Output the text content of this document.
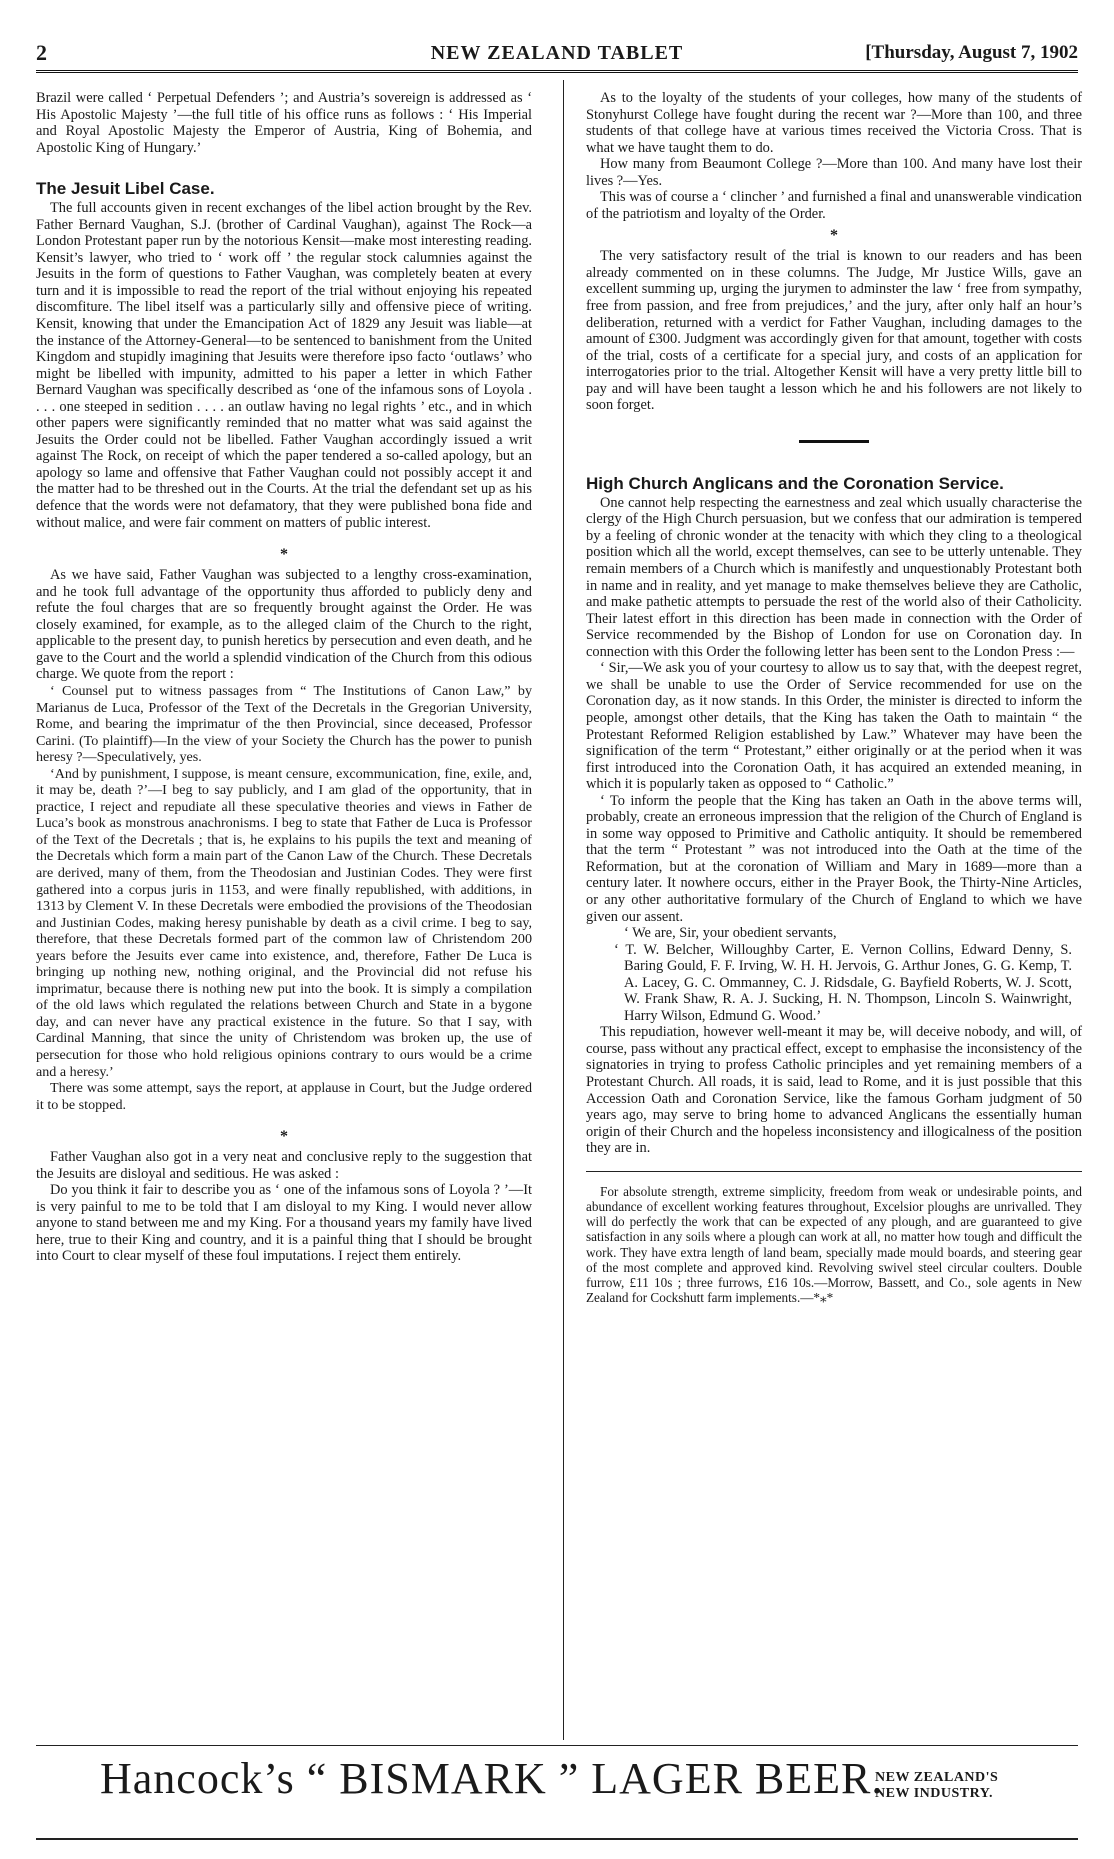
2	NEW ZEALAND TABLET	[Thursday, August 7, 1902

Brazil were called ‘ Perpetual Defenders ’; and Austria’s sovereign is addressed as ‘ His Apostolic Majesty ’—the full title of his office runs as follows : ‘ His Imperial and Royal Apostolic Majesty the Emperor of Austria, King of Bohemia, and Apostolic King of Hungary.’

The Jesuit Libel Case.

The full accounts given in recent exchanges of the libel action brought by the Rev. Father Bernard Vaughan, S.J. (brother of Cardinal Vaughan), against The Rock—a London Protestant paper run by the notorious Kensit—make most interesting reading. Kensit’s lawyer, who tried to ‘ work off ’ the regular stock calumnies against the Jesuits in the form of questions to Father Vaughan, was completely beaten at every turn and it is impossible to read the report of the trial without enjoying his repeated discomfiture. The libel itself was a particularly silly and offensive piece of writing. Kensit, knowing that under the Emancipation Act of 1829 any Jesuit was liable—at the instance of the Attorney-General—to be sentenced to banishment from the United Kingdom and stupidly imagining that Jesuits were therefore ipso facto ‘outlaws’ who might be libelled with impunity, admitted to his paper a letter in which Father Bernard Vaughan was specifically described as ‘one of the infamous sons of Loyola . . . . one steeped in sedition . . . . an outlaw having no legal rights ’ etc., and in which other papers were significantly reminded that no matter what was said against the Jesuits the Order could not be libelled. Father Vaughan accordingly issued a writ against The Rock, on receipt of which the paper tendered a so-called apology, but an apology so lame and offensive that Father Vaughan could not possibly accept it and the matter had to be threshed out in the Courts. At the trial the defendant set up as his defence that the words were not defamatory, that they were published bona fide and without malice, and were fair comment on matters of public interest.

*

As we have said, Father Vaughan was subjected to a lengthy cross-examination, and he took full advantage of the opportunity thus afforded to publicly deny and refute the foul charges that are so frequently brought against the Order. He was closely examined, for example, as to the alleged claim of the Church to the right, applicable to the present day, to punish heretics by persecution and even death, and he gave to the Court and the world a splendid vindication of the Church from this odious charge. We quote from the report :

‘ Counsel put to witness passages from “ The Institutions of Canon Law,” by Marianus de Luca, Professor of the Text of the Decretals in the Gregorian University, Rome, and bearing the imprimatur of the then Provincial, since deceased, Professor Carini. (To plaintiff)—In the view of your Society the Church has the power to punish heresy ?—Speculatively, yes.

‘And by punishment, I suppose, is meant censure, excommunication, fine, exile, and, it may be, death ?’—I beg to say publicly, and I am glad of the opportunity, that in practice, I reject and repudiate all these speculative theories and views in Father de Luca’s book as monstrous anachronisms. I beg to state that Father de Luca is Professor of the Text of the Decretals ; that is, he explains to his pupils the text and meaning of the Decretals which form a main part of the Canon Law of the Church. These Decretals are derived, many of them, from the Theodosian and Justinian Codes. They were first gathered into a corpus juris in 1153, and were finally republished, with additions, in 1313 by Clement V. In these Decretals were embodied the provisions of the Theodosian and Justinian Codes, making heresy punishable by death as a civil crime. I beg to say, therefore, that these Decretals formed part of the common law of Christendom 200 years before the Jesuits ever came into existence, and, therefore, Father De Luca is bringing up nothing new, nothing original, and the Provincial did not refuse his imprimatur, because there is nothing new put into the book. It is simply a compilation of the old laws which regulated the relations between Church and State in a bygone day, and can never have any practical existence in the future. So that I say, with Cardinal Manning, that since the unity of Christendom was broken up, the use of persecution for those who hold religious opinions contrary to ours would be a crime and a heresy.’

There was some attempt, says the report, at applause in Court, but the Judge ordered it to be stopped.

*

Father Vaughan also got in a very neat and conclusive reply to the suggestion that the Jesuits are disloyal and seditious. He was asked :

Do you think it fair to describe you as ‘ one of the infamous sons of Loyola ? ’—It is very painful to me to be told that I am disloyal to my King. I would never allow anyone to stand between me and my King. For a thousand years my family have lived here, true to their King and country, and it is a painful thing that I should be brought into Court to clear myself of these foul imputations. I reject them entirely.

As to the loyalty of the students of your colleges, how many of the students of Stonyhurst College have fought during the recent war ?—More than 100, and three students of that college have at various times received the Victoria Cross. That is what we have taught them to do.

How many from Beaumont College ?—More than 100. And many have lost their lives ?—Yes.

This was of course a ‘ clincher ’ and furnished a final and unanswerable vindication of the patriotism and loyalty of the Order.

*

The very satisfactory result of the trial is known to our readers and has been already commented on in these columns. The Judge, Mr Justice Wills, gave an excellent summing up, urging the jurymen to adminster the law ‘ free from sympathy, free from passion, and free from prejudices,’ and the jury, after only half an hour’s deliberation, returned with a verdict for Father Vaughan, including damages to the amount of £300. Judgment was accordingly given for that amount, together with costs of the trial, costs of a certificate for a special jury, and costs of an application for interrogatories prior to the trial. Altogether Kensit will have a very pretty little bill to pay and will have been taught a lesson which he and his followers are not likely to soon forget.

High Church Anglicans and the Coronation Service.

One cannot help respecting the earnestness and zeal which usually characterise the clergy of the High Church persuasion, but we confess that our admiration is tempered by a feeling of chronic wonder at the tenacity with which they cling to a theological position which all the world, except themselves, can see to be utterly untenable. They remain members of a Church which is manifestly and unquestionably Protestant both in name and in reality, and yet manage to make themselves believe they are Catholic, and make pathetic attempts to persuade the rest of the world also of their Catholicity. Their latest effort in this direction has been made in connection with the Order of Service recommended by the Bishop of London for use on Coronation day. In connection with this Order the following letter has been sent to the London Press :—

‘ Sir,—We ask you of your courtesy to allow us to say that, with the deepest regret, we shall be unable to use the Order of Service recommended for use on the Coronation day, as it now stands. In this Order, the minister is directed to inform the people, amongst other details, that the King has taken the Oath to maintain “ the Protestant Reformed Religion established by Law.” Whatever may have been the signification of the term “ Protestant,” either originally or at the period when it was first introduced into the Coronation Oath, it has acquired an extended meaning, in which it is popularly taken as opposed to “ Catholic.”

‘ To inform the people that the King has taken an Oath in the above terms will, probably, create an erroneous impression that the religion of the Church of England is in some way opposed to Primitive and Catholic antiquity. It should be remembered that the term “ Protestant ” was not introduced into the Oath at the time of the Reformation, but at the coronation of William and Mary in 1689—more than a century later. It nowhere occurs, either in the Prayer Book, the Thirty-Nine Articles, or any other authoritative formulary of the Church of England to which we have given our assent.

‘ We are, Sir, your obedient servants,

‘ T. W. Belcher, Willoughby Carter, E. Vernon Collins, Edward Denny, S. Baring Gould, F. F. Irving, W. H. H. Jervois, G. Arthur Jones, G. G. Kemp, T. A. Lacey, G. C. Ommanney, C. J. Ridsdale, G. Bayfield Roberts, W. J. Scott, W. Frank Shaw, R. A. J. Sucking, H. N. Thompson, Lincoln S. Wainwright, Harry Wilson, Edmund G. Wood.’

This repudiation, however well-meant it may be, will deceive nobody, and will, of course, pass without any practical effect, except to emphasise the inconsistency of the signatories in trying to profess Catholic principles and yet remaining members of a Protestant Church. All roads, it is said, lead to Rome, and it is just possible that this Accession Oath and Coronation Service, like the famous Gorham judgment of 50 years ago, may serve to bring home to advanced Anglicans the essentially human origin of their Church and the hopeless inconsistency and illogicalness of the position they are in.

For absolute strength, extreme simplicity, freedom from weak or undesirable points, and abundance of excellent working features throughout, Excelsior ploughs are unrivalled. They will do perfectly the work that can be expected of any plough, and are guaranteed to give satisfaction in any soils where a plough can work at all, no matter how tough and difficult the work. They have extra length of land beam, specially made mould boards, and steering gear of the most complete and approved kind. Revolving swivel steel circular coulters. Double furrow, £11 10s ; three furrows, £16 10s.—Morrow, Bassett, and Co., sole agents in New Zealand for Cockshutt farm implements.—*⁎*

Hancock’s “ BISMARK ” LAGER BEER.
NEW ZEALAND'S
NEW INDUSTRY.
